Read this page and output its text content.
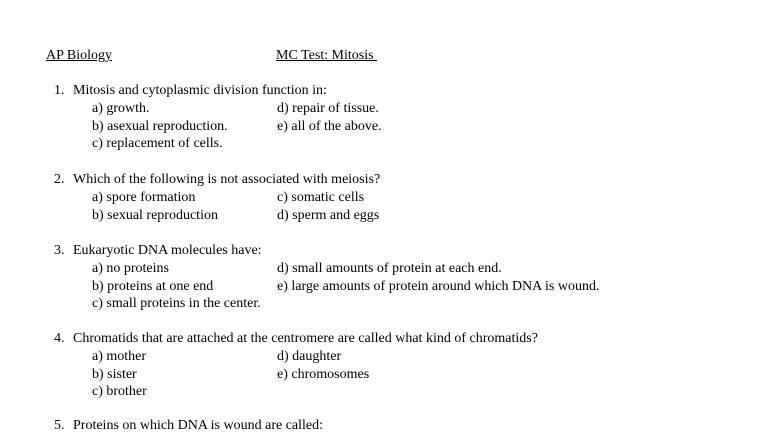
AP Biology	MC Test: Mitosis
1. Mitosis and cytoplasmic division function in:
a) growth.	d) repair of tissue.
b) asexual reproduction.	e) all of the above.
c) replacement of cells.
2. Which of the following is not associated with meiosis?
a) spore formation	c) somatic cells
b) sexual reproduction	d) sperm and eggs
3. Eukaryotic DNA molecules have:
a) no proteins	d) small amounts of protein at each end.
b) proteins at one end	e) large amounts of protein around which DNA is wound.
c) small proteins in the center.
4. Chromatids that are attached at the centromere are called what kind of chromatids?
a) mother	d) daughter
b) sister	e) chromosomes
c) brother
5. Proteins on which DNA is wound are called:
